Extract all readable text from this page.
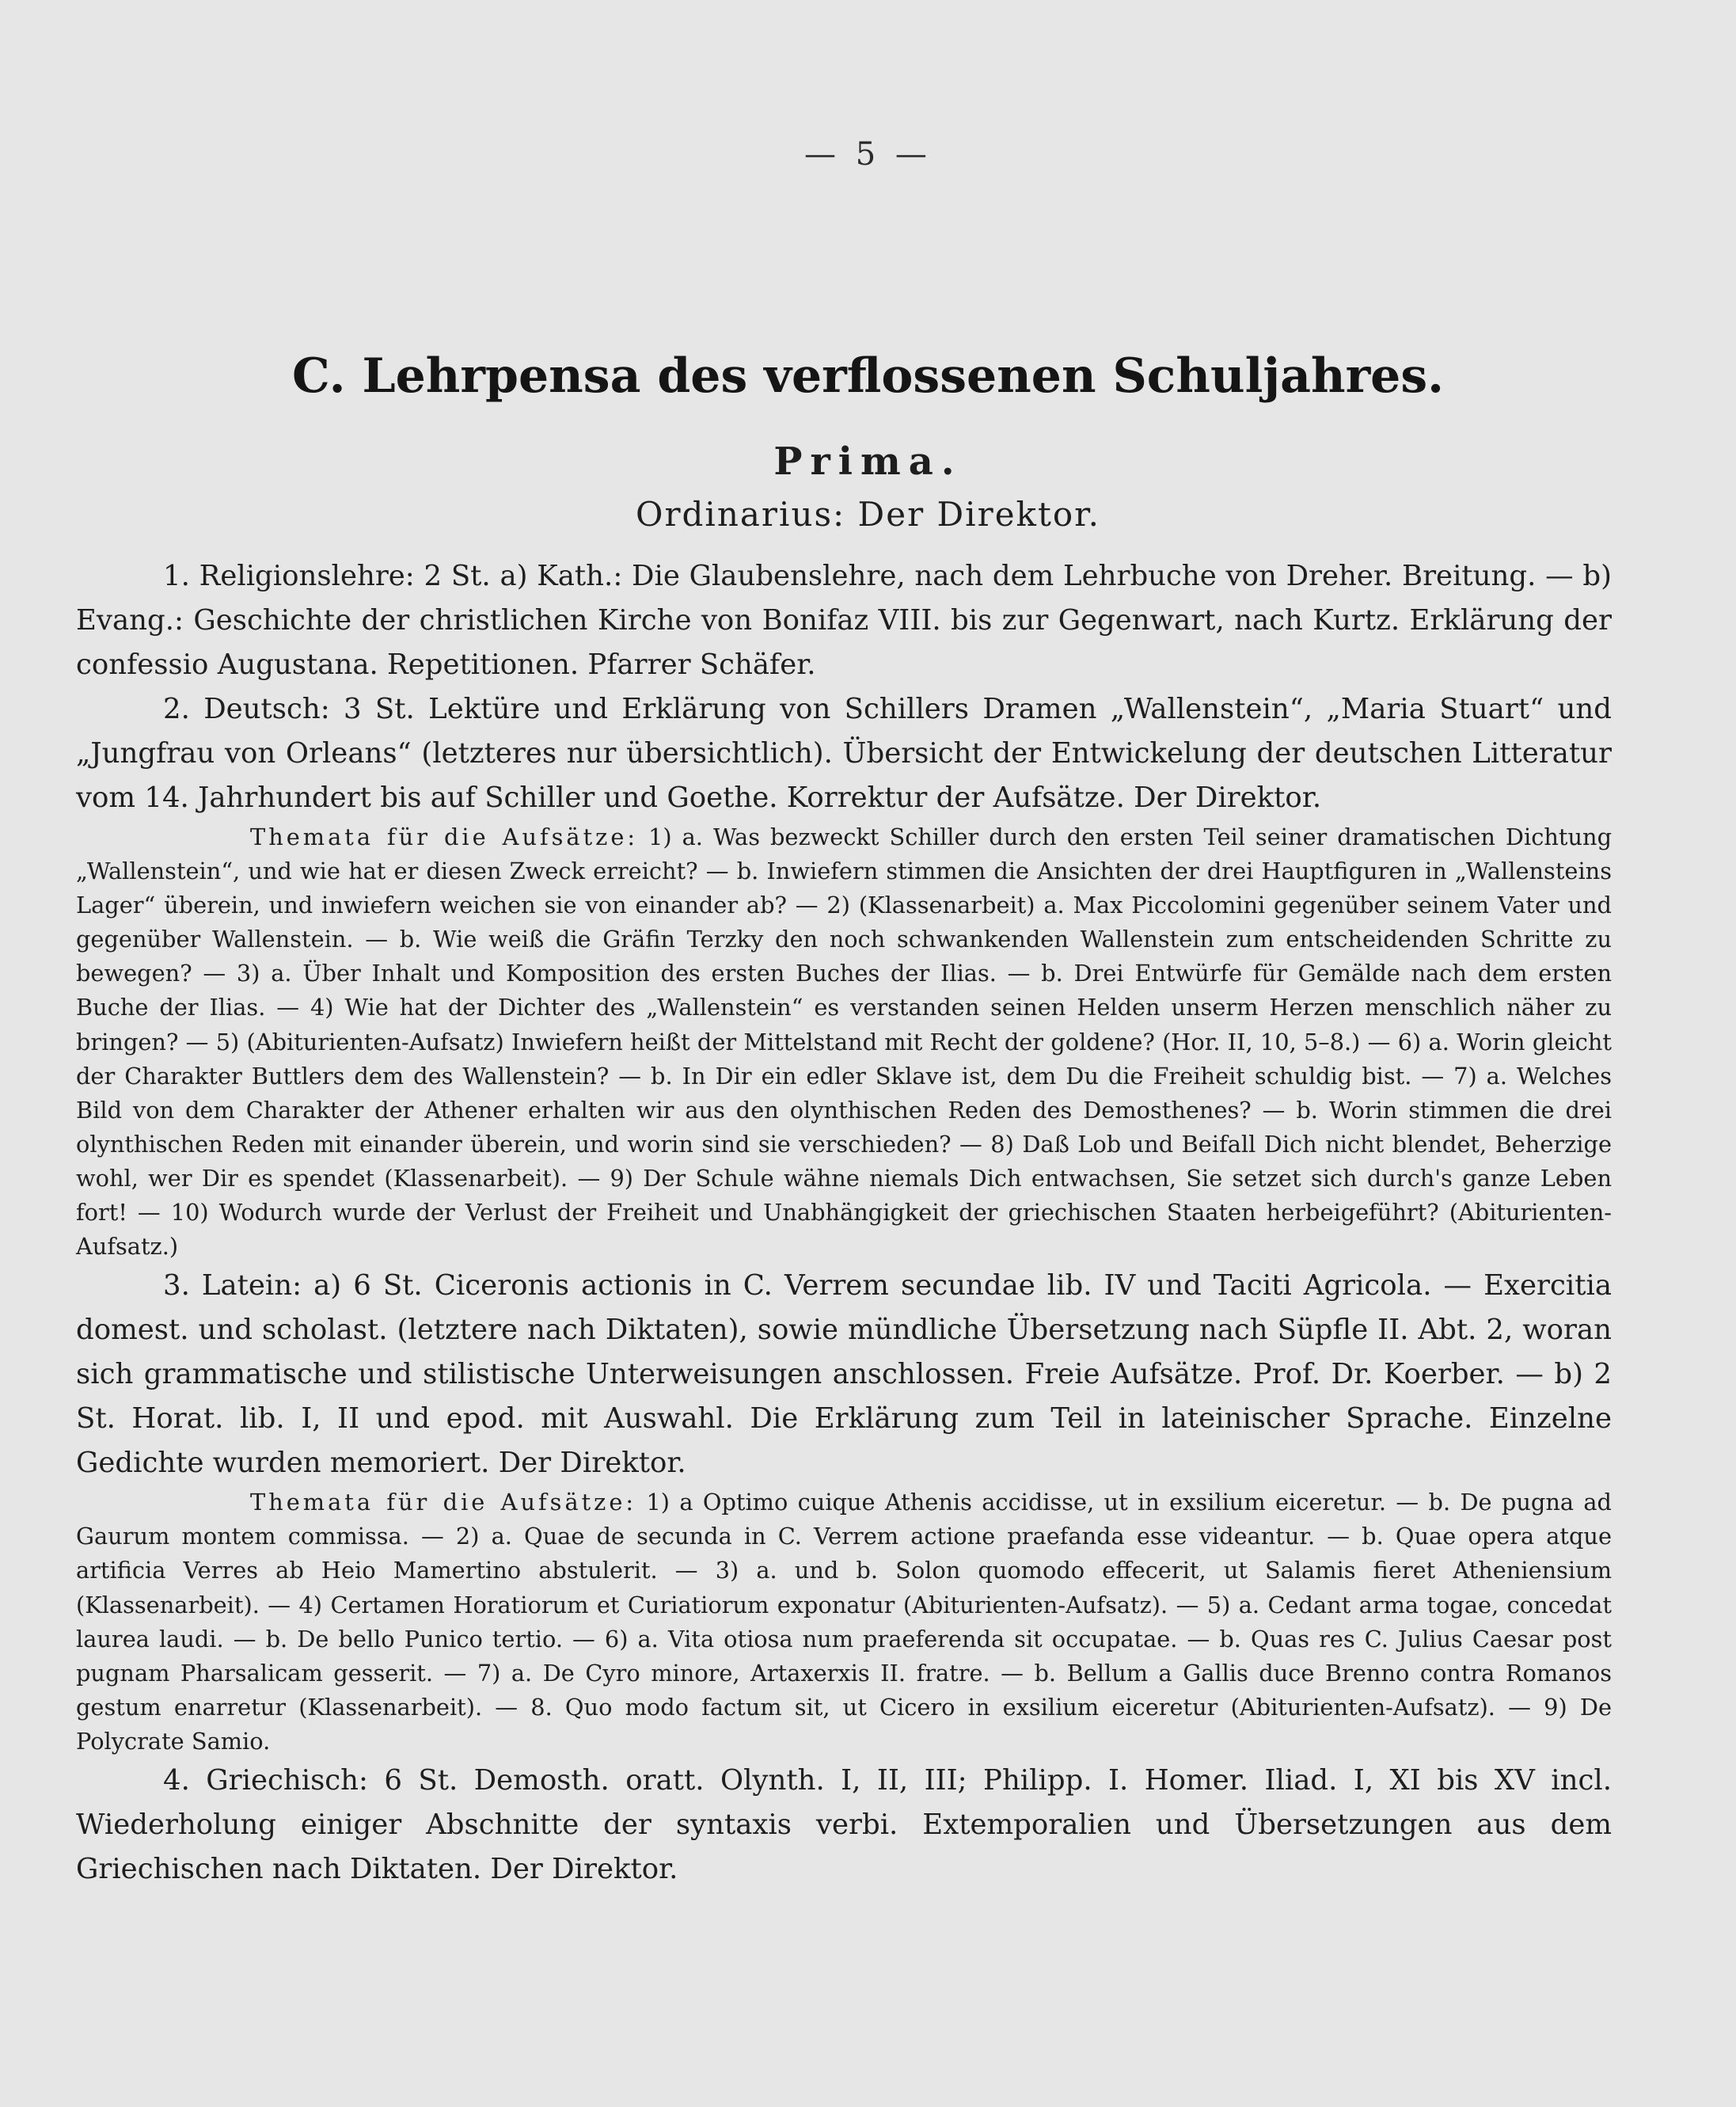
— 5 —
C. Lehrpensa des verflossenen Schuljahres.
Prima.
Ordinarius: Der Direktor.

1. Religionslehre: 2 St. a) Kath.: Die Glaubenslehre, nach dem Lehrbuche von Dreher. Breitung. — b) Evang.: Geschichte der christlichen Kirche von Bonifaz VIII. bis zur Gegenwart, nach Kurtz. Erklärung der confessio Augustana. Repetitionen. Pfarrer Schäfer.

2. Deutsch: 3 St. Lektüre und Erklärung von Schillers Dramen „Wallenstein“, „Maria Stuart“ und „Jungfrau von Orleans“ (letzteres nur übersichtlich). Übersicht der Entwickelung der deutschen Litteratur vom 14. Jahrhundert bis auf Schiller und Goethe. Korrektur der Aufsätze. Der Direktor.

Themata für die Aufsätze: 1) a. Was bezweckt Schiller durch den ersten Teil seiner dramatischen Dichtung „Wallenstein“, und wie hat er diesen Zweck erreicht? — b. Inwiefern stimmen die Ansichten der drei Hauptfiguren in „Wallensteins Lager“ überein, und inwiefern weichen sie von einander ab? — 2) (Klassenarbeit) a. Max Piccolomini gegenüber seinem Vater und gegenüber Wallenstein. — b. Wie weiß die Gräfin Terzky den noch schwankenden Wallenstein zum entscheidenden Schritte zu bewegen? — 3) a. Über Inhalt und Komposition des ersten Buches der Ilias. — b. Drei Entwürfe für Gemälde nach dem ersten Buche der Ilias. — 4) Wie hat der Dichter des „Wallenstein“ es verstanden seinen Helden unserm Herzen menschlich näher zu bringen? — 5) (Abiturienten-Aufsatz) Inwiefern heißt der Mittelstand mit Recht der goldene? (Hor. II, 10, 5–8.) — 6) a. Worin gleicht der Charakter Buttlers dem des Wallenstein? — b. In Dir ein edler Sklave ist, dem Du die Freiheit schuldig bist. — 7) a. Welches Bild von dem Charakter der Athener erhalten wir aus den olynthischen Reden des Demosthenes? — b. Worin stimmen die drei olynthischen Reden mit einander überein, und worin sind sie verschieden? — 8) Daß Lob und Beifall Dich nicht blendet, Beherzige wohl, wer Dir es spendet (Klassenarbeit). — 9) Der Schule wähne niemals Dich entwachsen, Sie setzet sich durch's ganze Leben fort! — 10) Wodurch wurde der Verlust der Freiheit und Unabhängigkeit der griechischen Staaten herbeigeführt? (Abiturienten-Aufsatz.)

3. Latein: a) 6 St. Ciceronis actionis in C. Verrem secundae lib. IV und Taciti Agricola. — Exercitia domest. und scholast. (letztere nach Diktaten), sowie mündliche Übersetzung nach Süpfle II. Abt. 2, woran sich grammatische und stilistische Unterweisungen anschlossen. Freie Aufsätze. Prof. Dr. Koerber. — b) 2 St. Horat. lib. I, II und epod. mit Auswahl. Die Erklärung zum Teil in lateinischer Sprache. Einzelne Gedichte wurden memoriert. Der Direktor.

Themata für die Aufsätze: 1) a Optimo cuique Athenis accidisse, ut in exsilium eiceretur. — b. De pugna ad Gaurum montem commissa. — 2) a. Quae de secunda in C. Verrem actione praefanda esse videantur. — b. Quae opera atque artificia Verres ab Heio Mamertino abstulerit. — 3) a. und b. Solon quomodo effecerit, ut Salamis fieret Atheniensium (Klassenarbeit). — 4) Certamen Horatiorum et Curiatiorum exponatur (Abiturienten-Aufsatz). — 5) a. Cedant arma togae, concedat laurea laudi. — b. De bello Punico tertio. — 6) a. Vita otiosa num praeferenda sit occupatae. — b. Quas res C. Julius Caesar post pugnam Pharsalicam gesserit. — 7) a. De Cyro minore, Artaxerxis II. fratre. — b. Bellum a Gallis duce Brenno contra Romanos gestum enarretur (Klassenarbeit). — 8. Quo modo factum sit, ut Cicero in exsilium eiceretur (Abiturienten-Aufsatz). — 9) De Polycrate Samio.

4. Griechisch: 6 St. Demosth. oratt. Olynth. I, II, III; Philipp. I. Homer. Iliad. I, XI bis XV incl. Wiederholung einiger Abschnitte der syntaxis verbi. Extemporalien und Übersetzungen aus dem Griechischen nach Diktaten. Der Direktor.
